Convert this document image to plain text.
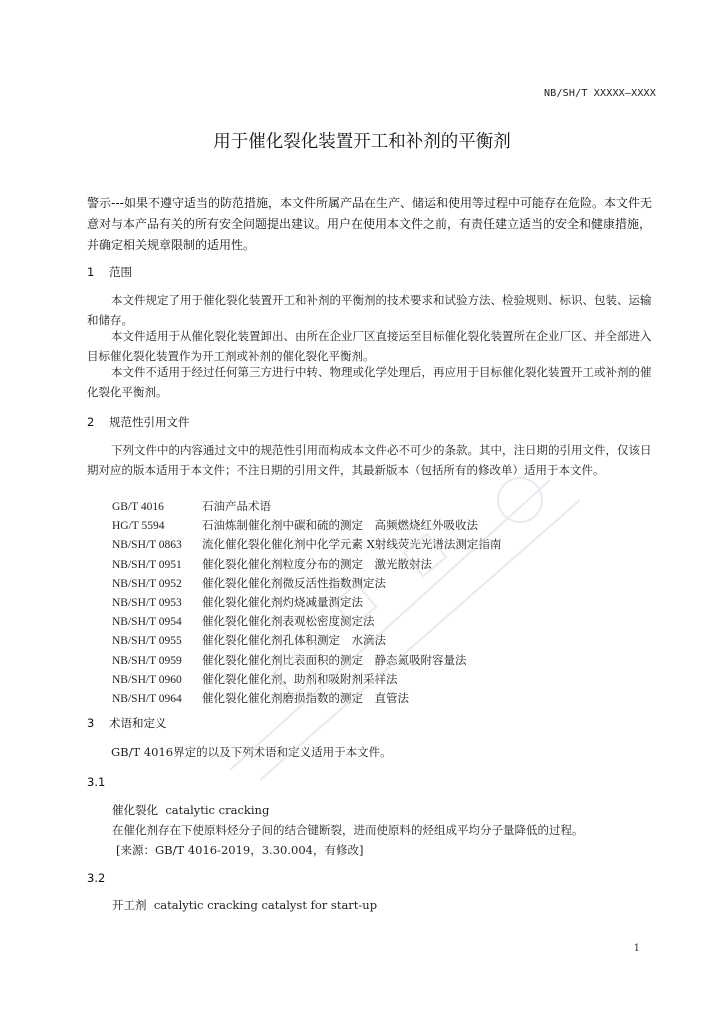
NB/SH/T XXXXX—XXXX
用于催化裂化装置开工和补剂的平衡剂
警示---如果不遵守适当的防范措施，本文件所属产品在生产、储运和使用等过程中可能存在危险。本文件无意对与本产品有关的所有安全问题提出建议。用户在使用本文件之前，有责任建立适当的安全和健康措施，并确定相关规章限制的适用性。
1 范围
本文件规定了用于催化裂化装置开工和补剂的平衡剂的技术要求和试验方法、检验规则、标识、包装、运输和储存。
本文件适用于从催化裂化装置卸出、由所在企业厂区直接运至目标催化裂化装置所在企业厂区、并全部进入目标催化裂化装置作为开工剂或补剂的催化裂化平衡剂。
本文件不适用于经过任何第三方进行中转、物理或化学处理后，再应用于目标催化裂化装置开工或补剂的催化裂化平衡剂。
2 规范性引用文件
下列文件中的内容通过文中的规范性引用而构成本文件必不可少的条款。其中，注日期的引用文件，仅该日期对应的版本适用于本文件；不注日期的引用文件，其最新版本（包括所有的修改单）适用于本文件。
GB/T 4016	石油产品术语
HG/T 5594	石油炼制催化剂中碳和硫的测定　高频燃烧红外吸收法
NB/SH/T 0863 流化催化裂化催化剂中化学元素 X射线荧光光谱法测定指南
NB/SH/T 0951 催化裂化催化剂粒度分布的测定　激光散射法
NB/SH/T 0952 催化裂化催化剂微反活性指数测定法
NB/SH/T 0953 催化裂化催化剂灼烧减量测定法
NB/SH/T 0954 催化裂化催化剂表观松密度测定法
NB/SH/T 0955 催化裂化催化剂孔体积测定　水滴法
NB/SH/T 0959 催化裂化催化剂比表面积的测定　静态氮吸附容量法
NB/SH/T 0960 催化裂化催化剂、助剂和吸附剂采样法
NB/SH/T 0964 催化裂化催化剂磨损指数的测定　直管法
3 术语和定义
GB/T 4016界定的以及下列术语和定义适用于本文件。
3.1
催化裂化 catalytic cracking
在催化剂存在下使原料烃分子间的结合键断裂，进而使原料的烃组成平均分子量降低的过程。
[来源：GB/T 4016-2019，3.30.004，有修改]
3.2
开工剂 catalytic cracking catalyst for start-up
1
